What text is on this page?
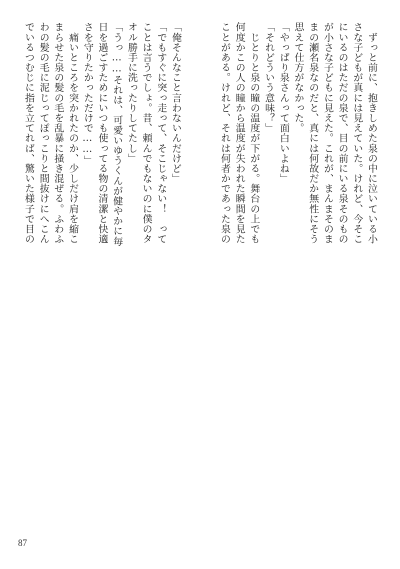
「俺そんなこと言わないんだけど」
「でもすぐに突っ走って、そこじゃない！　って
ことは言うでしょ。昔、頼んでもないのに僕のタ
オル勝手に洗ったりしてたし」
「うっ……それは、可愛いゆうくんが健やかに毎
日を過ごすためにいつも使ってる物の清潔と快適
さを守りたかっただけで……」
　痛いところを突かれたのか、少しだけ肩を縮こ
まらせた泉の髪の毛を乱暴に掻き混ぜる。ふわふ
わの髪の毛に泥じってぽっこりと間抜けにへこん
でいるつむじに指を立てれば、驚いた様子で目の	　ずっと前に、抱きしめた泉の中に泣いている小
さな子どもが真には見えていた。けれど、今そこ
にいるのはただの泉で、目の前にいる泉そのもの
が小さな子どもに見えた。これが、まんまそのま
まの瀬名泉なのだと、真には何故だか無性にそう
思えて仕方がなかった。
「やっぱり泉さんって面白いよね」
「それどういう意味？」
　じとりと泉の瞳の温度が下がる。舞台の上でも
何度かこの人の瞳から温度が失われた瞬間を見た
ことがある。けれど、それは何者かであった泉の
87
